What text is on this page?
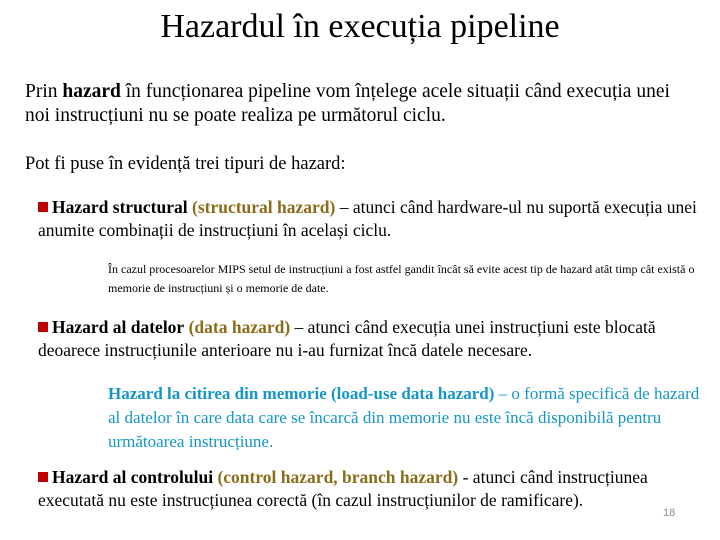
Hazardul în execuția pipeline
Prin hazard în funcționarea pipeline vom înțelege acele situații când execuția unei noi instrucțiuni nu se poate realiza pe următorul ciclu.
Pot fi puse în evidență trei tipuri de hazard:
Hazard structural (structural hazard) – atunci când hardware-ul nu suportă execuția unei anumite combinații de instrucțiuni în același ciclu.
În cazul procesoarelor MIPS setul de instrucțiuni a fost astfel gandit încât să evite acest tip de hazard atât timp cât există o memorie de instrucțiuni și o memorie de date.
Hazard al datelor (data hazard) – atunci când execuția unei instrucțiuni este blocată deoarece instrucțiunile anterioare nu i-au furnizat încă datele necesare.
Hazard la citirea din memorie (load-use data hazard) – o formă specifică de hazard al datelor în care data care se încarcă din memorie nu este încă disponibilă pentru următoarea instrucțiune.
Hazard al controlului (control hazard, branch hazard) - atunci când instrucțiunea executată nu este instrucțiunea corectă (în cazul instrucțiunilor de ramificare).
18
